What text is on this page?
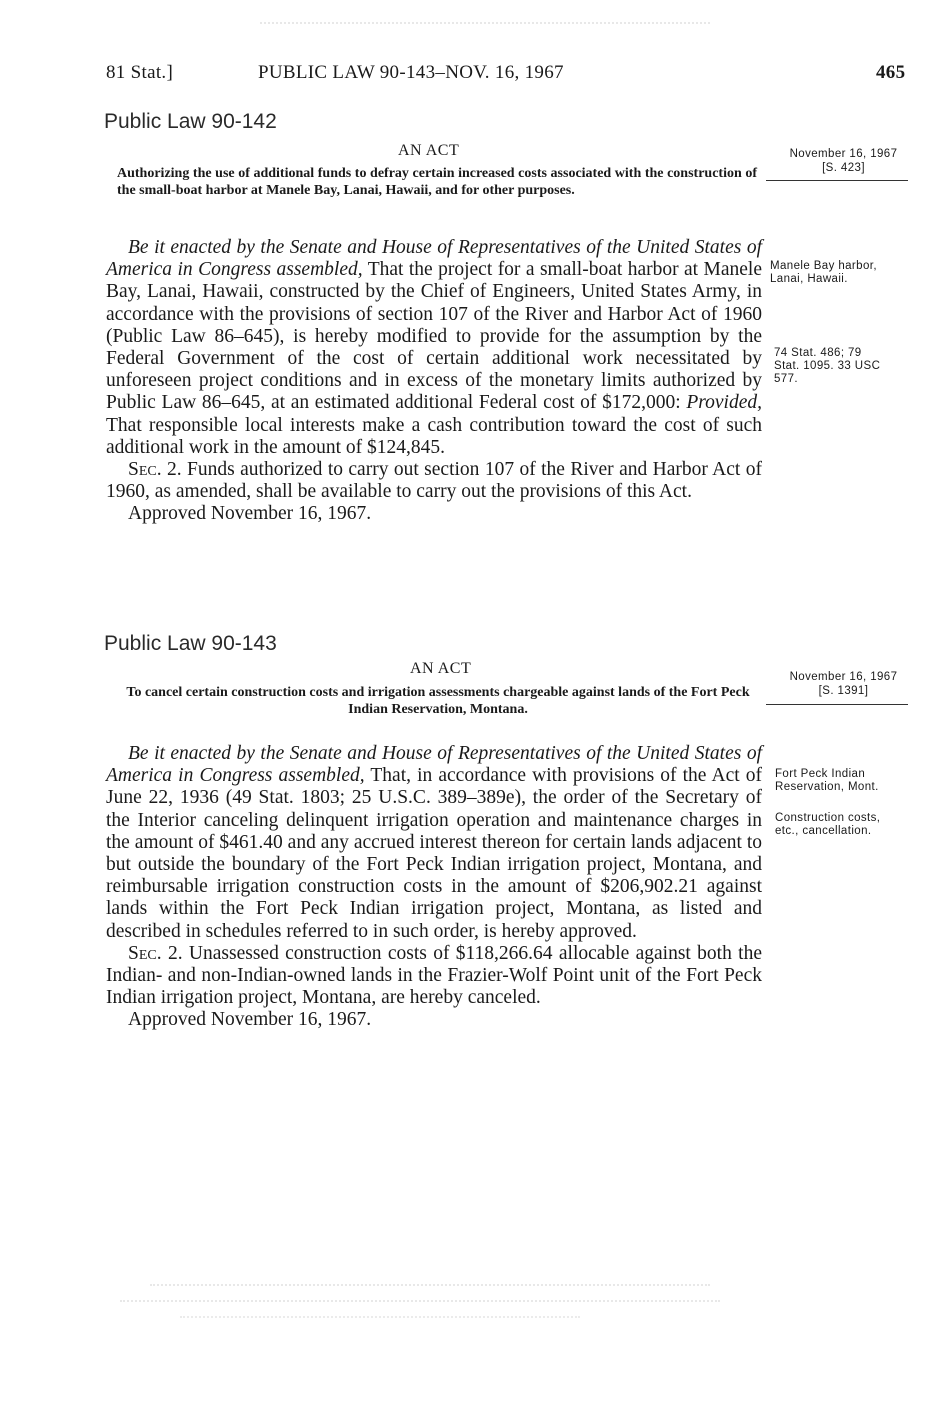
81 Stat.]	PUBLIC LAW 90-143–NOV. 16, 1967	465
Public Law 90-142
AN ACT
Authorizing the use of additional funds to defray certain increased costs associated with the construction of the small-boat harbor at Manele Bay, Lanai, Hawaii, and for other purposes.
November 16, 1967
[S. 423]

Be it enacted by the Senate and House of Representatives of the United States of America in Congress assembled, That the project for a small-boat harbor at Manele Bay, Lanai, Hawaii, constructed by the Chief of Engineers, United States Army, in accordance with the provisions of section 107 of the River and Harbor Act of 1960 (Public Law 86–645), is hereby modified to provide for the assumption by the Federal Government of the cost of certain additional work necessitated by unforeseen project conditions and in excess of the monetary limits authorized by Public Law 86–645, at an estimated additional Federal cost of $172,000: Provided, That responsible local interests make a cash contribution toward the cost of such additional work in the amount of $124,845.

Sec. 2. Funds authorized to carry out section 107 of the River and Harbor Act of 1960, as amended, shall be available to carry out the provisions of this Act.

Approved November 16, 1967.

Manele Bay harbor, Lanai, Hawaii.
74 Stat. 486; 79 Stat. 1095. 33 USC 577.
Public Law 90-143
AN ACT
To cancel certain construction costs and irrigation assessments chargeable against lands of the Fort Peck Indian Reservation, Montana.
November 16, 1967
[S. 1391]

Be it enacted by the Senate and House of Representatives of the United States of America in Congress assembled, That, in accordance with provisions of the Act of June 22, 1936 (49 Stat. 1803; 25 U.S.C. 389–389e), the order of the Secretary of the Interior canceling delinquent irrigation operation and maintenance charges in the amount of $461.40 and any accrued interest thereon for certain lands adjacent to but outside the boundary of the Fort Peck Indian irrigation project, Montana, and reimbursable irrigation construction costs in the amount of $206,902.21 against lands within the Fort Peck Indian irrigation project, Montana, as listed and described in schedules referred to in such order, is hereby approved.

Sec. 2. Unassessed construction costs of $118,266.64 allocable against both the Indian- and non-Indian-owned lands in the Frazier-Wolf Point unit of the Fort Peck Indian irrigation project, Montana, are hereby canceled.

Approved November 16, 1967.

Fort Peck Indian Reservation, Mont.
Construction costs, etc., cancellation.
